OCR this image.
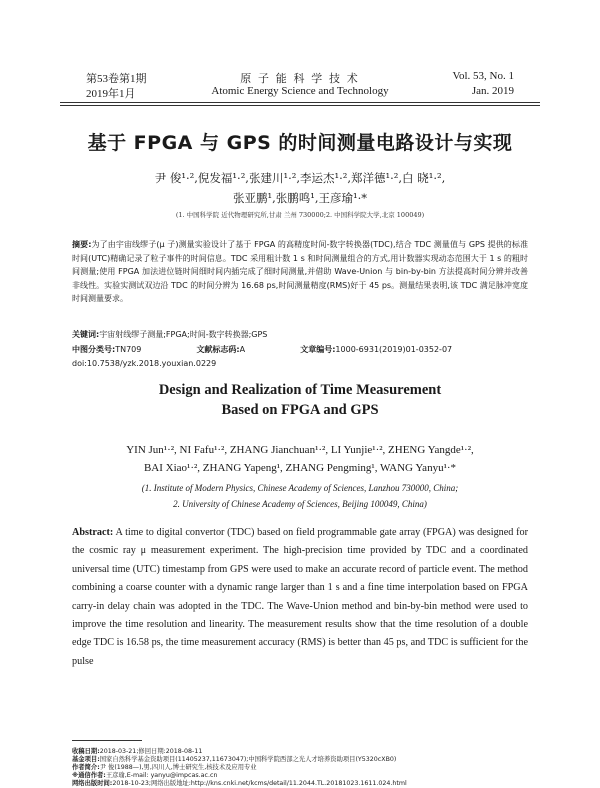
第53卷第1期
2019年1月
原 子 能 科 学 技 术
Atomic Energy Science and Technology
Vol. 53, No. 1
Jan. 2019
基于 FPGA 与 GPS 的时间测量电路设计与实现
尹 俊¹·²,倪发福¹·²,张建川¹·²,李运杰¹·²,郑洋德¹·²,白 晓¹·²,
张亚鹏¹,张鹏鸣¹,王彦瑜¹·*
(1. 中国科学院 近代物理研究所,甘肃 兰州 730000;2. 中国科学院大学,北京 100049)
摘要:为了由宇宙线缪子(μ 子)测量实验设计了基于 FPGA 的高精度时间-数字转换器(TDC),结合 TDC 测量值与 GPS 提供的标准时间(UTC)精确记录了粒子事件的时间信息。TDC 采用粗计数 1 s 和时间测量组合的方式,用计数器实现动态范围大于 1 s 的粗时间测量;使用 FPGA 加法进位链时间细时间内插完成了细时间测量,并借助 Wave-Union 与 bin-by-bin 方法提高时间分辨并改善非线性。实验实测试双边沿 TDC 的时间分辨为 16.68 ps,时间测量精度(RMS)好于 45 ps。测量结果表明,该 TDC 满足脉冲宽度时间测量要求。
关键词:宇宙射线缪子测量;FPGA;时间-数字转换器;GPS
中图分类号:TN709	文献标志码:A	文章编号:1000-6931(2019)01-0352-07
doi:10.7538/yzk.2018.youxian.0229
Design and Realization of Time Measurement
Based on FPGA and GPS
YIN Jun¹·², NI Fafu¹·², ZHANG Jianchuan¹·², LI Yunjie¹·², ZHENG Yangde¹·²,
BAI Xiao¹·², ZHANG Yapeng¹, ZHANG Pengming¹, WANG Yanyu¹·*
(1. Institute of Modern Physics, Chinese Academy of Sciences, Lanzhou 730000, China;
2. University of Chinese Academy of Sciences, Beijing 100049, China)
Abstract: A time to digital convertor (TDC) based on field programmable gate array (FPGA) was designed for the cosmic ray μ measurement experiment. The high-precision time provided by TDC and a coordinated universal time (UTC) timestamp from GPS were used to make an accurate record of particle event. The method combining a coarse counter with a dynamic range larger than 1 s and a fine time interpolation based on FPGA carry-in delay chain was adopted in the TDC. The Wave-Union method and bin-by-bin method were used to improve the time resolution and linearity. The measurement results show that the time resolution of a double edge TDC is 16.58 ps, the time measurement accuracy (RMS) is better than 45 ps, and TDC is sufficient for the pulse
收稿日期:2018-03-21;修回日期:2018-08-11
基金项目:国家自然科学基金资助项目(11405237,11673047);中国科学院西部之光人才培养资助项目(Y5320cXB0)
作者简介:尹 俊(1988—),男,四川人,博士研究生,核技术及应用专业
※通信作者:王彦瑜,E-mail: yanyu@impcas.ac.cn
网络出版时间:2018-10-23;网络出版地址:http://kns.cnki.net/kcms/detail/11.2044.TL.20181023.1611.024.html
